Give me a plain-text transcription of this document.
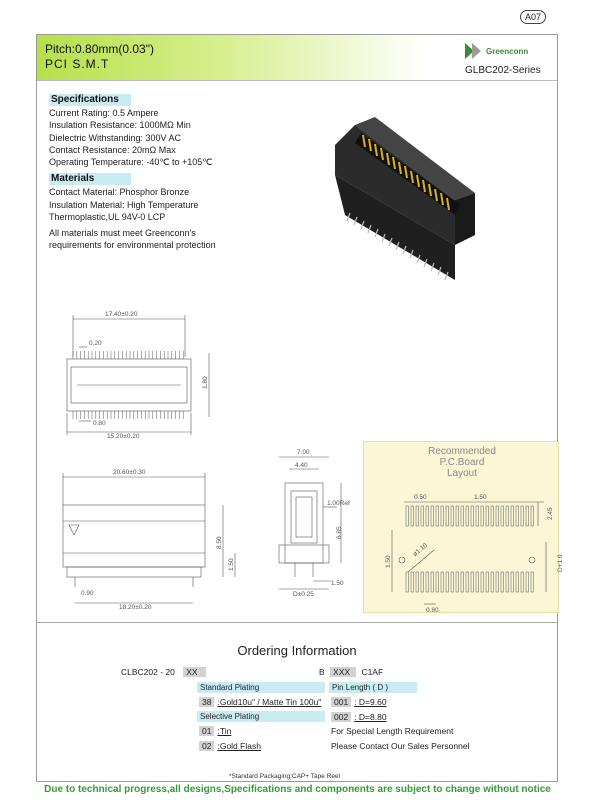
A07
Pitch:0.80mm(0.03")
PCI S.M.T
Greenconn
GLBC202-Series
Specifications
Current Rating: 0.5 Ampere
Insulation Resistance: 1000MΩ Min
Dielectric Withstanding: 300V AC
Contact Resistance: 20mΩ Max
Operating Temperature: -40℃ to +105℃
Materials
Contact Material: Phosphor Bronze
Insulation Material: High Temperature
Thermoplastic,UL 94V-0 LCP
All materials must meet Greenconn's
requirements for environmental protection
17.40±0.20
0.20
1.80
0.80
15.20±0.20
20.60±0.30
8.50
1.50
0.90
18.20±0.20
7.00
4.40
1.00Ref
6.85
1.50
D±0.25
Recommended
P.C.Board
Layout
0.50	1.50
2.45
1.50
ø1.10
D+1.0
0.80
Ordering Information
CLBC202 - 20 XX	B XXX C1AF
Standard Plating
38 :Gold10u" / Matte Tin 100u"
Selective Plating
01 :Tin
02 :Gold Flash
Pin Length ( D )
001 : D=9.60
002 : D=8.80
For Special Length Requirement
Please Contact Our Sales Personnel
*Standard Packaging:CAP+ Tape Reel
Due to technical progress,all designs,Specifications and components are subject to change without notice
